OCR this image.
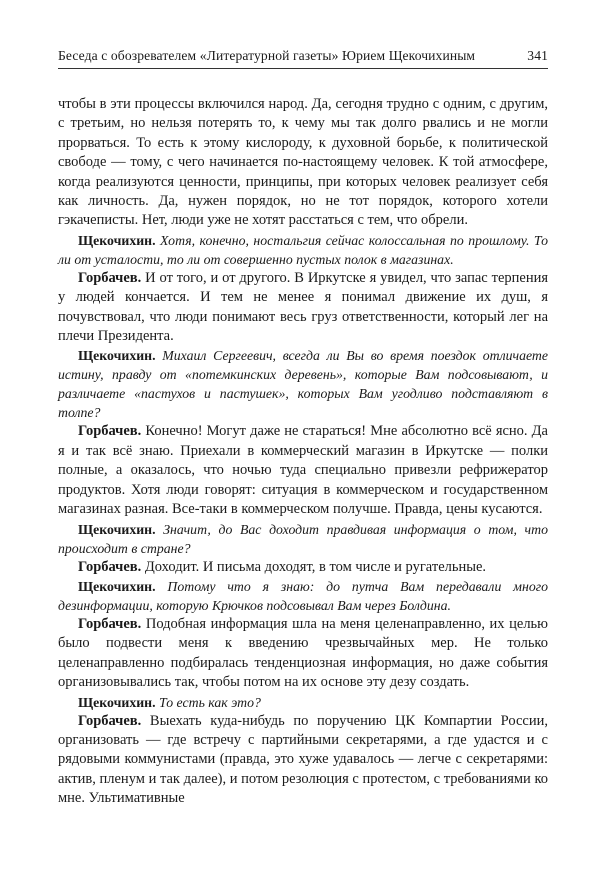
Беседа с обозревателем «Литературной газеты» Юрием Щекочихиным	341

чтобы в эти процессы включился народ. Да, сегодня трудно с одним, с другим, с третьим, но нельзя потерять то, к чему мы так долго рвались и не могли прорваться. То есть к этому кислороду, к духовной борьбе, к политической свободе — тому, с чего начинается по-настоящему человек. К той атмосфере, когда реализуются ценности, принципы, при которых человек реализует себя как личность. Да, нужен порядок, но не тот порядок, которого хотели гэкачеписты. Нет, люди уже не хотят расстаться с тем, что обрели.

Щекочихин. Хотя, конечно, ностальгия сейчас колоссальная по прошлому. То ли от усталости, то ли от совершенно пустых полок в магазинах.

Горбачев. И от того, и от другого. В Иркутске я увидел, что запас терпения у людей кончается. И тем не менее я понимал движение их душ, я почувствовал, что люди понимают весь груз ответственности, который лег на плечи Президента.

Щекочихин. Михаил Сергеевич, всегда ли Вы во время поездок отличаете истину, правду от «потемкинских деревень», которые Вам подсовывают, и различаете «пастухов и пастушек», которых Вам угодливо подставляют в толпе?

Горбачев. Конечно! Могут даже не стараться! Мне абсолютно всё ясно. Да я и так всё знаю. Приехали в коммерческий магазин в Иркутске — полки полные, а оказалось, что ночью туда специально привезли рефрижератор продуктов. Хотя люди говорят: ситуация в коммерческом и государственном магазинах разная. Все-таки в коммерческом получше. Правда, цены кусаются.

Щекочихин. Значит, до Вас доходит правдивая информация о том, что происходит в стране?

Горбачев. Доходит. И письма доходят, в том числе и ругательные.

Щекочихин. Потому что я знаю: до путча Вам передавали много дезинформации, которую Крючков подсовывал Вам через Болдина.

Горбачев. Подобная информация шла на меня целенаправленно, их целью было подвести меня к введению чрезвычайных мер. Не только целенаправленно подбиралась тенденциозная информация, но даже события организовывались так, чтобы потом на их основе эту дезу создать.

Щекочихин. То есть как это?

Горбачев. Выехать куда-нибудь по поручению ЦК Компартии России, организовать — где встречу с партийными секретарями, а где удастся и с рядовыми коммунистами (правда, это хуже удавалось — легче с секретарями: актив, пленум и так далее), и потом резолюция с протестом, с требованиями ко мне. Ультимативные
